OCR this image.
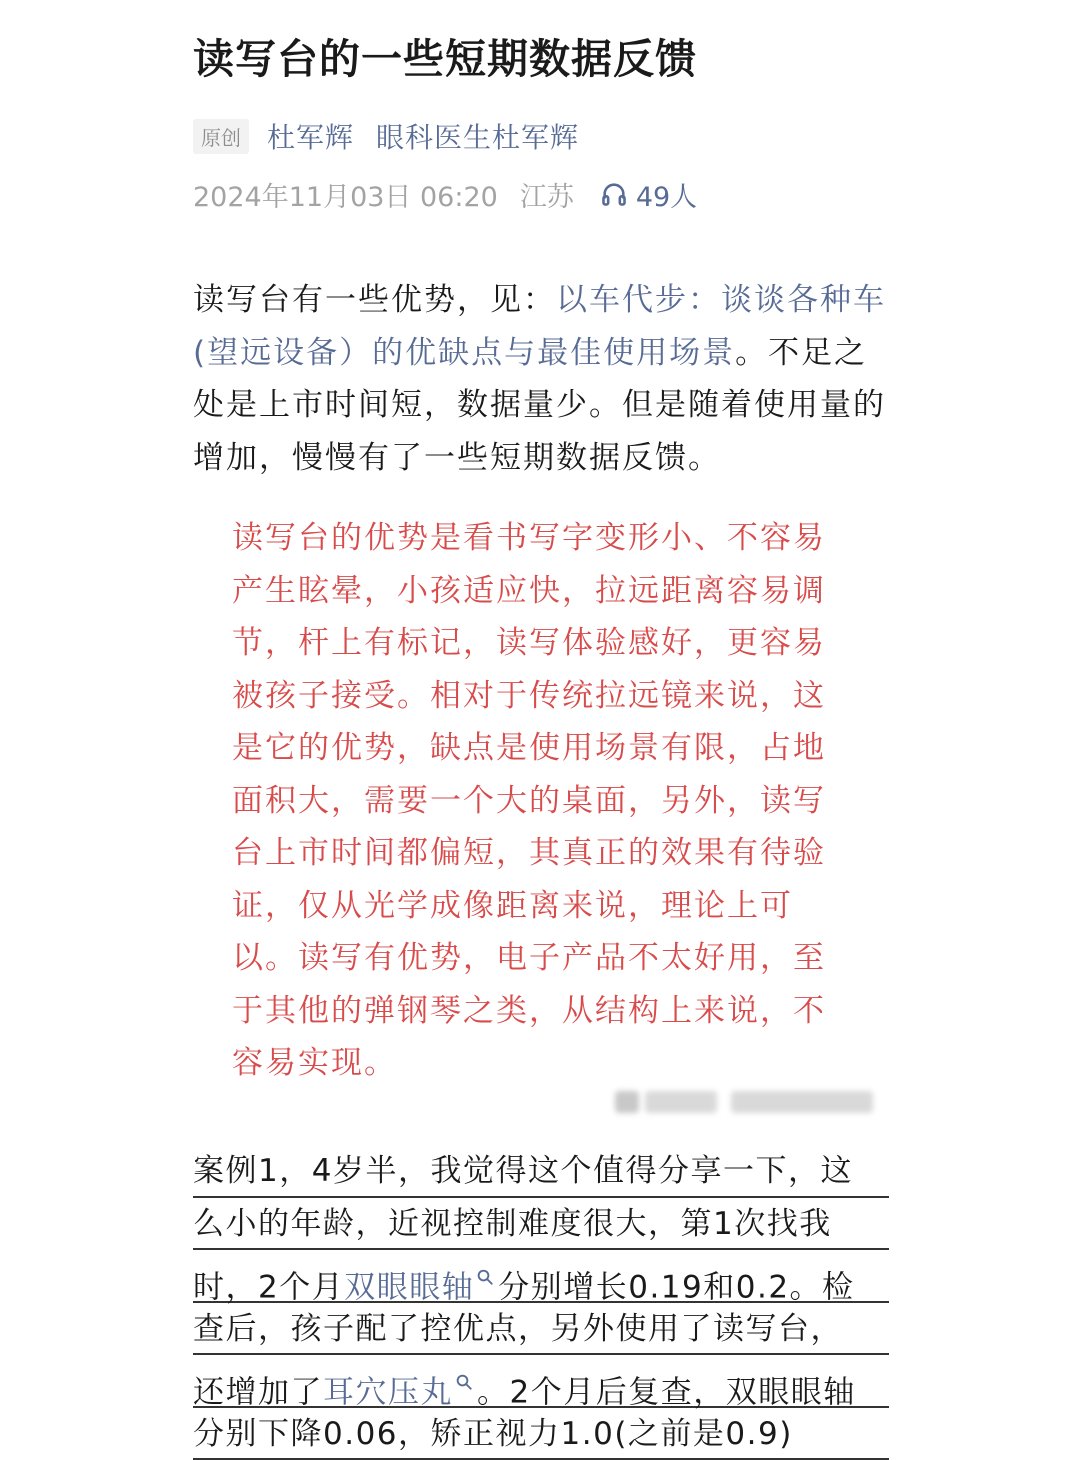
读写台的一些短期数据反馈
原创 杜军辉 眼科医生杜军辉
2024年11月03日 06:20 江苏 49人

读写台有一些优势，见：以车代步：谈谈各种车(望远设备）的优缺点与最佳使用场景。不足之处是上市时间短，数据量少。但是随着使用量的增加，慢慢有了一些短期数据反馈。

读写台的优势是看书写字变形小、不容易产生眩晕，小孩适应快，拉远距离容易调节，杆上有标记，读写体验感好，更容易被孩子接受。相对于传统拉远镜来说，这是它的优势，缺点是使用场景有限，占地面积大，需要一个大的桌面，另外，读写台上市时间都偏短，其真正的效果有待验证，仅从光学成像距离来说，理论上可以。读写有优势，电子产品不太好用，至于其他的弹钢琴之类，从结构上来说，不容易实现。

案例1，4岁半，我觉得这个值得分享一下，这
么小的年龄，近视控制难度很大，第1次找我
时，2个月双眼眼轴 分别增长0.19和0.2。检
查后，孩子配了控优点，另外使用了读写台，
还增加了耳穴压丸 。2个月后复查，双眼眼轴
分别下降0.06，矫正视力1.0(之前是0.9)
